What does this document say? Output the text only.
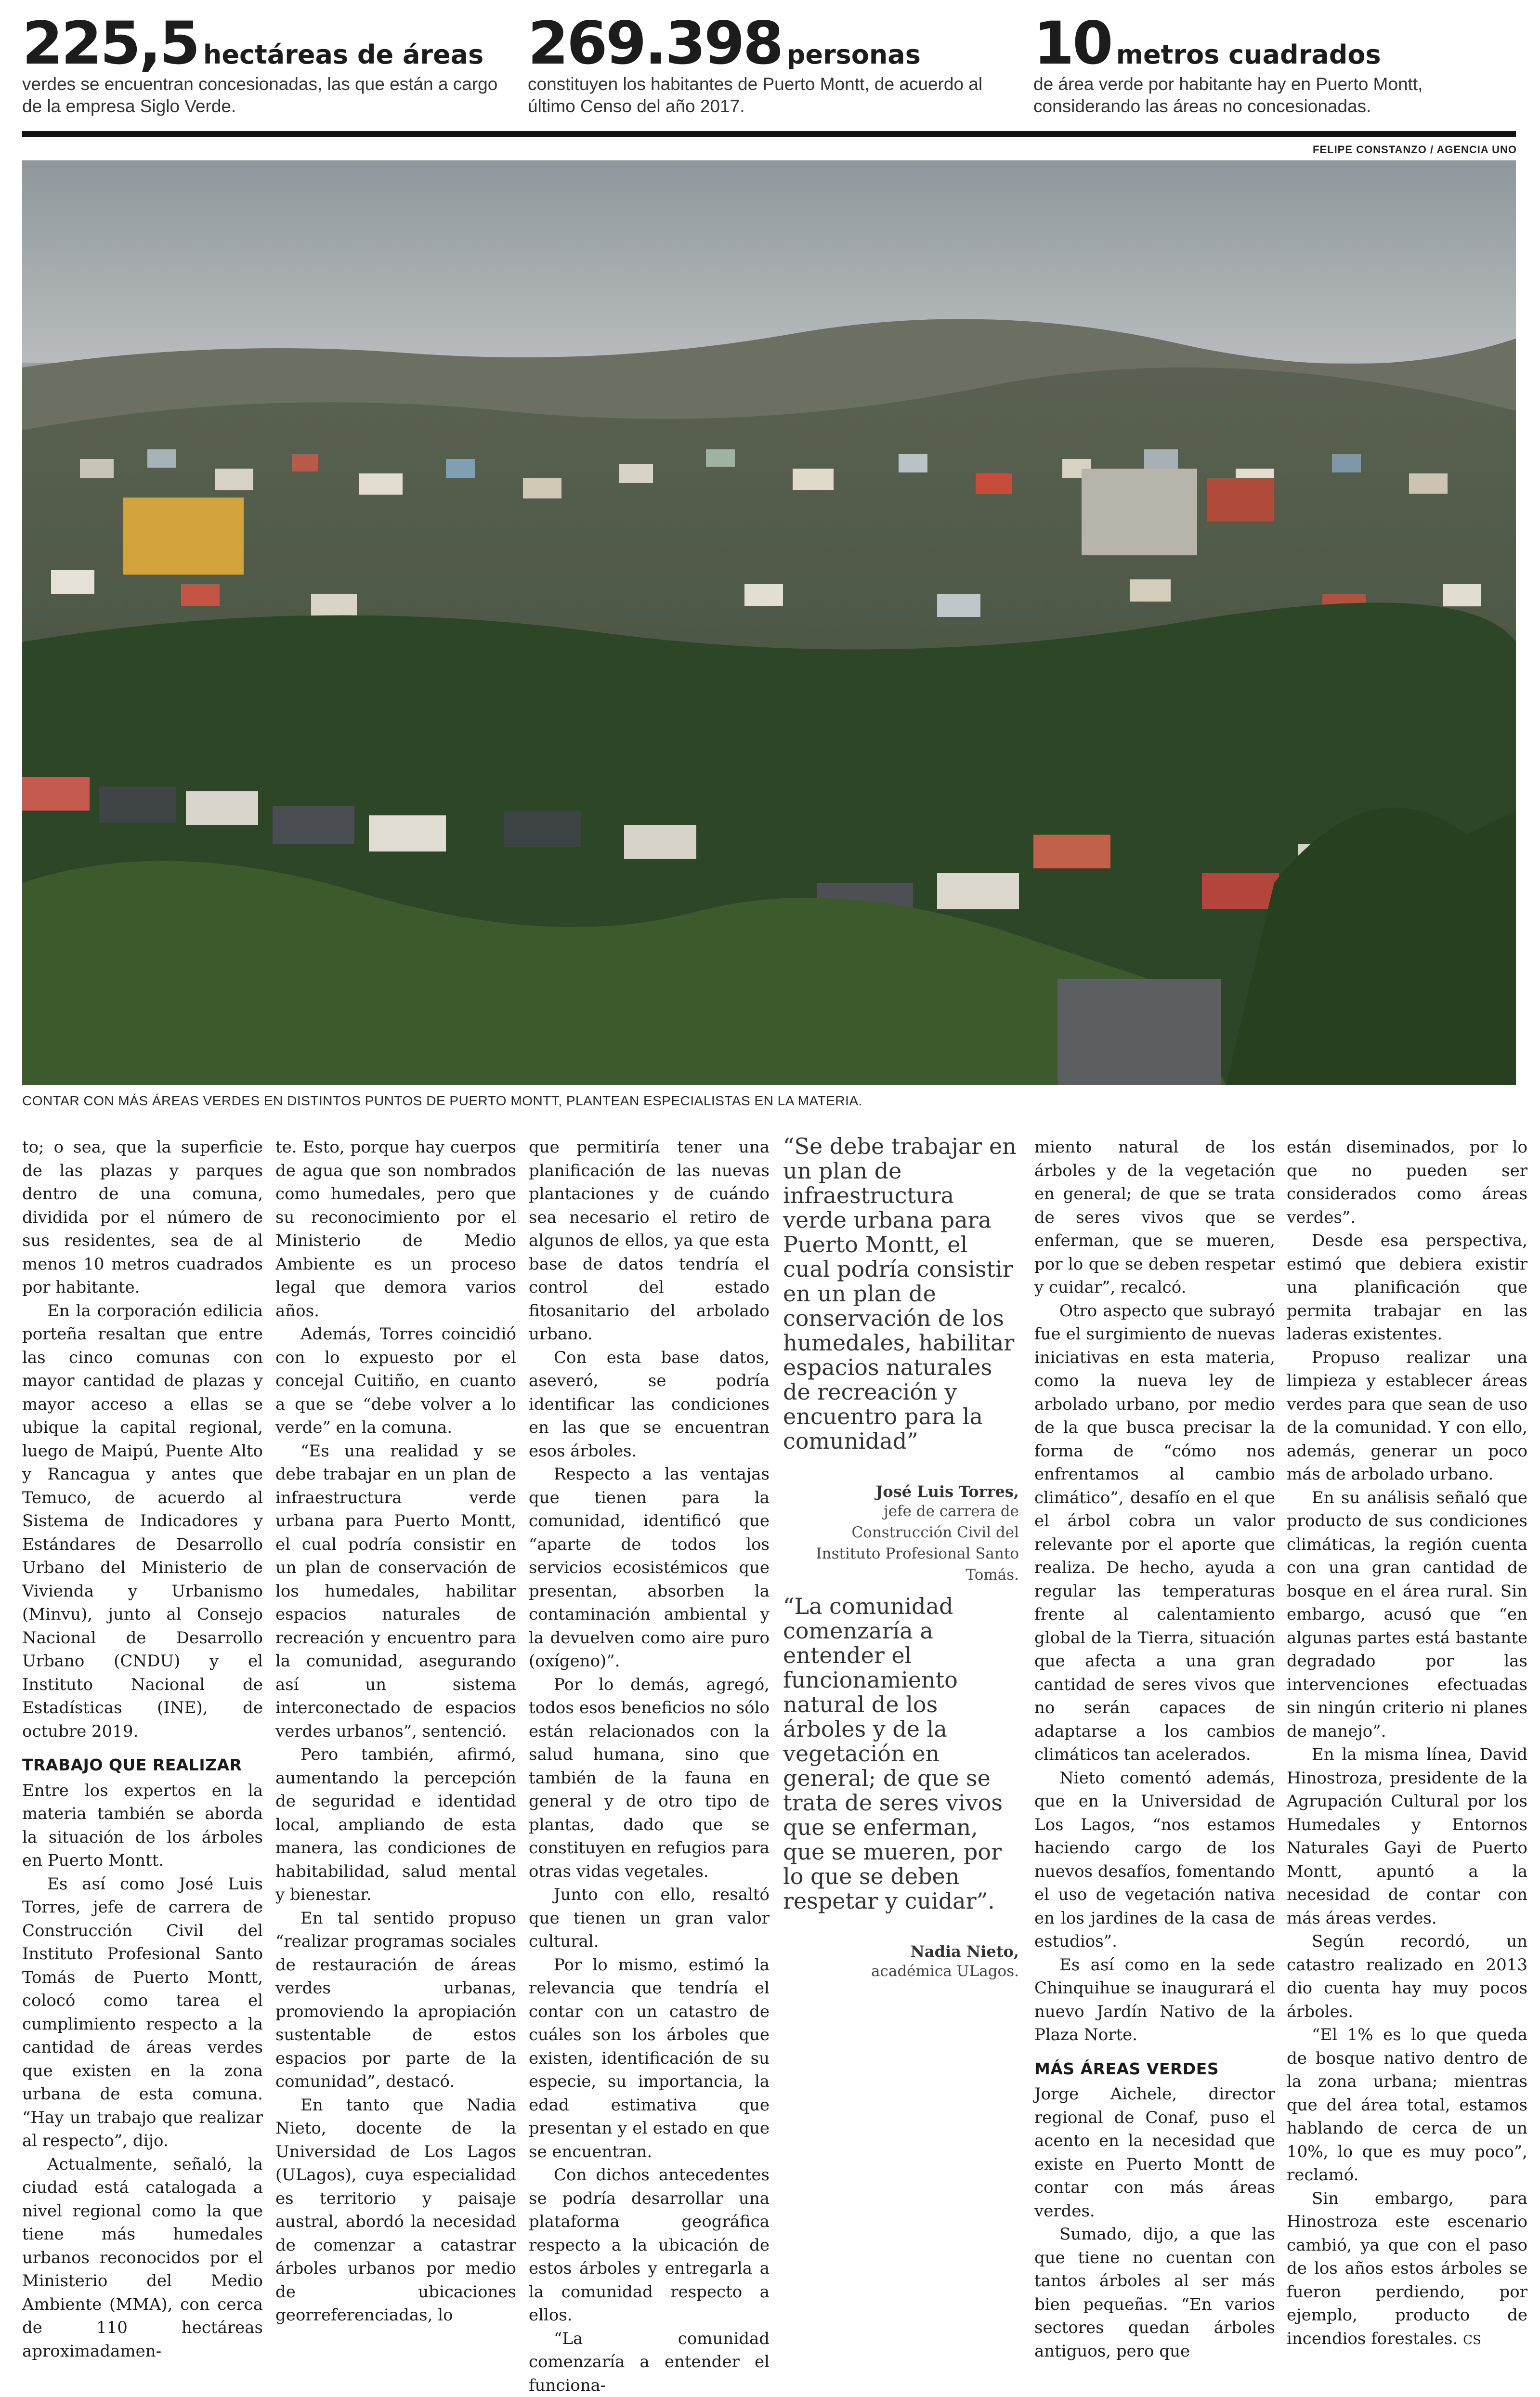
225,5 hectáreas de áreas
verdes se encuentran concesionadas, las que están a cargo de la empresa Siglo Verde.
269.398 personas
constituyen los habitantes de Puerto Montt, de acuerdo al último Censo del año 2017.
10 metros cuadrados
de área verde por habitante hay en Puerto Montt, considerando las áreas no concesionadas.
FELIPE CONSTANZO / AGENCIA UNO
CONTAR CON MÁS ÁREAS VERDES EN DISTINTOS PUNTOS DE PUERTO MONTT, PLANTEAN ESPECIALISTAS EN LA MATERIA.

to; o sea, que la superficie de las plazas y parques dentro de una comuna, dividida por el número de sus residentes, sea de al menos 10 metros cuadrados por habitante.

En la corporación edilicia porteña resaltan que entre las cinco comunas con mayor cantidad de plazas y mayor acceso a ellas se ubique la capital regional, luego de Maipú, Puente Alto y Rancagua y antes que Temuco, de acuerdo al Sistema de Indicadores y Estándares de Desarrollo Urbano del Ministerio de Vivienda y Urbanismo (Minvu), junto al Consejo Nacional de Desarrollo Urbano (CNDU) y el Instituto Nacional de Estadísticas (INE), de octubre 2019.

TRABAJO QUE REALIZAR

Entre los expertos en la materia también se aborda la situación de los árboles en Puerto Montt.

Es así como José Luis Torres, jefe de carrera de Construcción Civil del Instituto Profesional Santo Tomás de Puerto Montt, colocó como tarea el cumplimiento respecto a la cantidad de áreas verdes que existen en la zona urbana de esta comuna. “Hay un trabajo que realizar al respecto”, dijo.

Actualmente, señaló, la ciudad está catalogada a nivel regional como la que tiene más humedales urbanos reconocidos por el Ministerio del Medio Ambiente (MMA), con cerca de 110 hectáreas aproximadamen-

te. Esto, porque hay cuerpos de agua que son nombrados como humedales, pero que su reconocimiento por el Ministerio de Medio Ambiente es un proceso legal que demora varios años.

Además, Torres coincidió con lo expuesto por el concejal Cuitiño, en cuanto a que se “debe volver a lo verde” en la comuna.

“Es una realidad y se debe trabajar en un plan de infraestructura verde urbana para Puerto Montt, el cual podría consistir en un plan de conservación de los humedales, habilitar espacios naturales de recreación y encuentro para la comunidad, asegurando así un sistema interconectado de espacios verdes urbanos”, sentenció.

Pero también, afirmó, aumentando la percepción de seguridad e identidad local, ampliando de esta manera, las condiciones de habitabilidad, salud mental y bienestar.

En tal sentido propuso “realizar programas sociales de restauración de áreas verdes urbanas, promoviendo la apropiación sustentable de estos espacios por parte de la comunidad”, destacó.

En tanto que Nadia Nieto, docente de la Universidad de Los Lagos (ULagos), cuya especialidad es territorio y paisaje austral, abordó la necesidad de comenzar a catastrar árboles urbanos por medio de ubicaciones georreferenciadas, lo

que permitiría tener una planificación de las nuevas plantaciones y de cuándo sea necesario el retiro de algunos de ellos, ya que esta base de datos tendría el control del estado fitosanitario del arbolado urbano.

Con esta base datos, aseveró, se podría identificar las condiciones en las que se encuentran esos árboles.

Respecto a las ventajas que tienen para la comunidad, identificó que “aparte de todos los servicios ecosistémicos que presentan, absorben la contaminación ambiental y la devuelven como aire puro (oxígeno)”.

Por lo demás, agregó, todos esos beneficios no sólo están relacionados con la salud humana, sino que también de la fauna en general y de otro tipo de plantas, dado que se constituyen en refugios para otras vidas vegetales.

Junto con ello, resaltó que tienen un gran valor cultural.

Por lo mismo, estimó la relevancia que tendría el contar con un catastro de cuáles son los árboles que existen, identificación de su especie, su importancia, la edad estimativa que presentan y el estado en que se encuentran.

Con dichos antecedentes se podría desarrollar una plataforma geográfica respecto a la ubicación de estos árboles y entregarla a la comunidad respecto a ellos.

“La comunidad comenzaría a entender el funciona-

“Se debe trabajar en un plan de infraestructura verde urbana para Puerto Montt, el cual podría consistir en un plan de conservación de los humedales, habilitar espacios naturales de recreación y encuentro para la comunidad”
José Luis Torres,
jefe de carrera de Construcción Civil del Instituto Profesional Santo Tomás.
“La comunidad comenzaría a entender el funcionamiento natural de los árboles y de la vegetación en general; de que se trata de seres vivos que se enferman, que se mueren, por lo que se deben respetar y cuidar”.
Nadia Nieto,
académica ULagos.

miento natural de los árboles y de la vegetación en general; de que se trata de seres vivos que se enferman, que se mueren, por lo que se deben respetar y cuidar”, recalcó.

Otro aspecto que subrayó fue el surgimiento de nuevas iniciativas en esta materia, como la nueva ley de arbolado urbano, por medio de la que busca precisar la forma de “cómo nos enfrentamos al cambio climático”, desafío en el que el árbol cobra un valor relevante por el aporte que realiza. De hecho, ayuda a regular las temperaturas frente al calentamiento global de la Tierra, situación que afecta a una gran cantidad de seres vivos que no serán capaces de adaptarse a los cambios climáticos tan acelerados.

Nieto comentó además, que en la Universidad de Los Lagos, “nos estamos haciendo cargo de los nuevos desafíos, fomentando el uso de vegetación nativa en los jardines de la casa de estudios”.

Es así como en la sede Chinquihue se inaugurará el nuevo Jardín Nativo de la Plaza Norte.

MÁS ÁREAS VERDES

Jorge Aichele, director regional de Conaf, puso el acento en la necesidad que existe en Puerto Montt de contar con más áreas verdes.

Sumado, dijo, a que las que tiene no cuentan con tantos árboles al ser más bien pequeñas. “En varios sectores quedan árboles antiguos, pero que

están diseminados, por lo que no pueden ser considerados como áreas verdes”.

Desde esa perspectiva, estimó que debiera existir una planificación que permita trabajar en las laderas existentes.

Propuso realizar una limpieza y establecer áreas verdes para que sean de uso de la comunidad. Y con ello, además, generar un poco más de arbolado urbano.

En su análisis señaló que producto de sus condiciones climáticas, la región cuenta con una gran cantidad de bosque en el área rural. Sin embargo, acusó que “en algunas partes está bastante degradado por las intervenciones efectuadas sin ningún criterio ni planes de manejo”.

En la misma línea, David Hinostroza, presidente de la Agrupación Cultural por los Humedales y Entornos Naturales Gayi de Puerto Montt, apuntó a la necesidad de contar con más áreas verdes.

Según recordó, un catastro realizado en 2013 dio cuenta hay muy pocos árboles.

“El 1% es lo que queda de bosque nativo dentro de la zona urbana; mientras que del área total, estamos hablando de cerca de un 10%, lo que es muy poco”, reclamó.

Sin embargo, para Hinostroza este escenario cambió, ya que con el paso de los años estos árboles se fueron perdiendo, por ejemplo, producto de incendios forestales. CS
